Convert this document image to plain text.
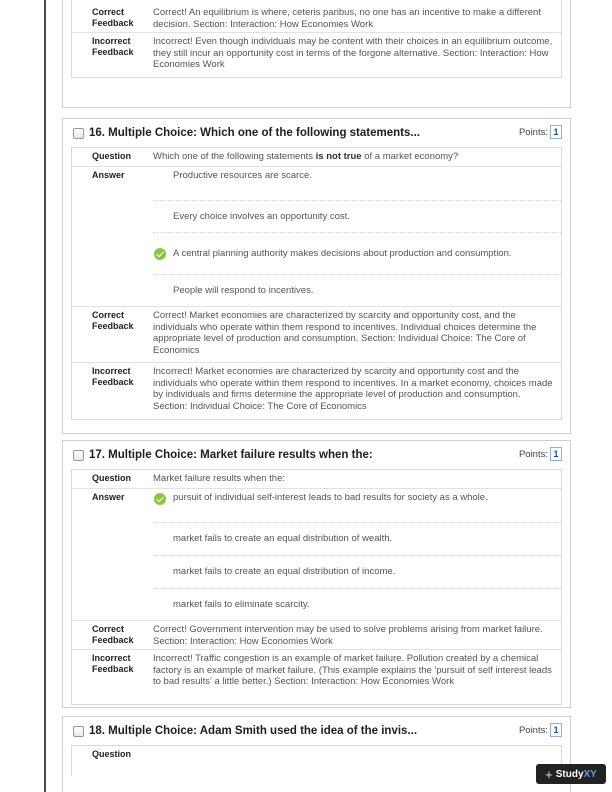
Correct Feedback
Correct! An equilibrium is where, ceteris paribus, no one has an incentive to make a different decision. Section: Interaction: How Economies Work
Incorrect Feedback
Incorrect! Even though individuals may be content with their choices in an equilibrium outcome, they still incur an opportunity cost in terms of the forgone alternative. Section: Interaction: How Economies Work
16. Multiple Choice: Which one of the following statements...	Points: 1
Question	Which one of the following statements is not true of a market economy?
Answer	Productive resources are scarce.
Every choice involves an opportunity cost.
A central planning authority makes decisions about production and consumption.
People will respond to incentives.
Correct Feedback
Correct! Market economies are characterized by scarcity and opportunity cost, and the individuals who operate within them respond to incentives. Individual choices determine the appropriate level of production and consumption. Section: Individual Choice: The Core of Economics
Incorrect Feedback
Incorrect! Market economies are characterized by scarcity and opportunity cost and the individuals who operate within them respond to incentives. In a market economy, choices made by individuals and firms determine the appropriate level of production and consumption. Section: Individual Choice: The Core of Economics
17. Multiple Choice: Market failure results when the:	Points: 1
Question	Market failure results when the:
Answer	pursuit of individual self-interest leads to bad results for society as a whole.
market fails to create an equal distribution of wealth.
market fails to create an equal distribution of income.
market fails to eliminate scarcity.
Correct Feedback
Correct! Government intervention may be used to solve problems arising from market failure. Section: Interaction: How Economies Work
Incorrect Feedback
Incorrect! Traffic congestion is an example of market failure. Pollution created by a chemical factory is an example of market failure. (This example explains the 'pursuit of self interest leads to bad results' a little better.) Section: Interaction: How Economies Work
18. Multiple Choice: Adam Smith used the idea of the invis...	Points: 1
Question
+ Study XY
